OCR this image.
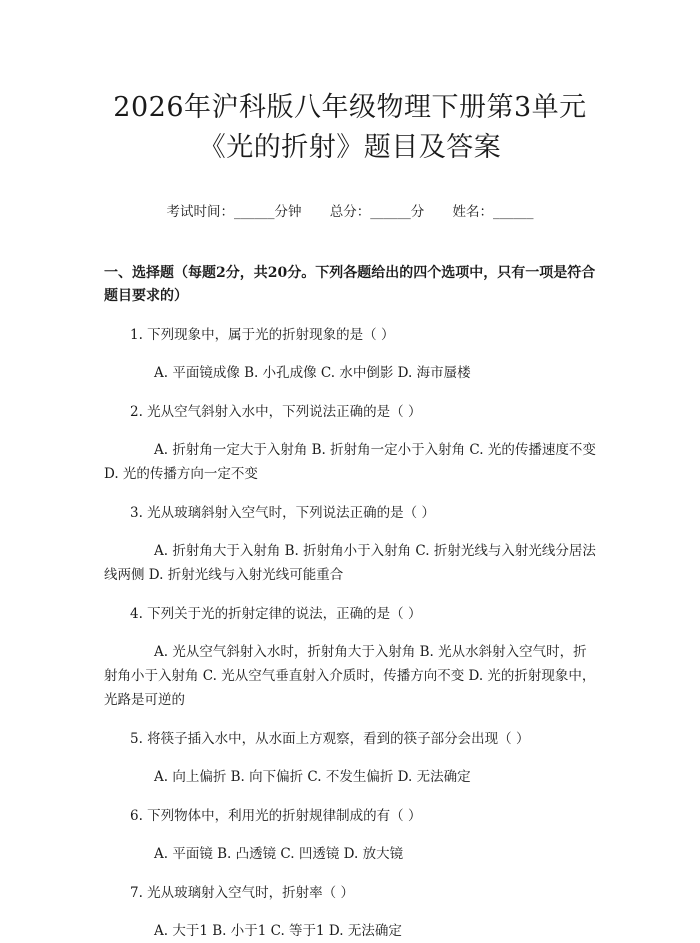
2026年沪科版八年级物理下册第3单元《光的折射》题目及答案
考试时间：______分钟 总分：______分 姓名：______
一、选择题（每题2分，共20分。下列各题给出的四个选项中，只有一项是符合题目要求的）
1. 下列现象中，属于光的折射现象的是（ ）
A. 平面镜成像 B. 小孔成像 C. 水中倒影 D. 海市蜃楼
2. 光从空气斜射入水中，下列说法正确的是（ ）
A. 折射角一定大于入射角 B. 折射角一定小于入射角 C. 光的传播速度不变 D. 光的传播方向一定不变
3. 光从玻璃斜射入空气时，下列说法正确的是（ ）
A. 折射角大于入射角 B. 折射角小于入射角 C. 折射光线与入射光线分居法线两侧 D. 折射光线与入射光线可能重合
4. 下列关于光的折射定律的说法，正确的是（ ）
A. 光从空气斜射入水时，折射角大于入射角 B. 光从水斜射入空气时，折射角小于入射角 C. 光从空气垂直射入介质时，传播方向不变 D. 光的折射现象中，光路是可逆的
5. 将筷子插入水中，从水面上方观察，看到的筷子部分会出现（ ）
A. 向上偏折 B. 向下偏折 C. 不发生偏折 D. 无法确定
6. 下列物体中，利用光的折射规律制成的有（ ）
A. 平面镜 B. 凸透镜 C. 凹透镜 D. 放大镜
7. 光从玻璃射入空气时，折射率（ ）
A. 大于1 B. 小于1 C. 等于1 D. 无法确定
